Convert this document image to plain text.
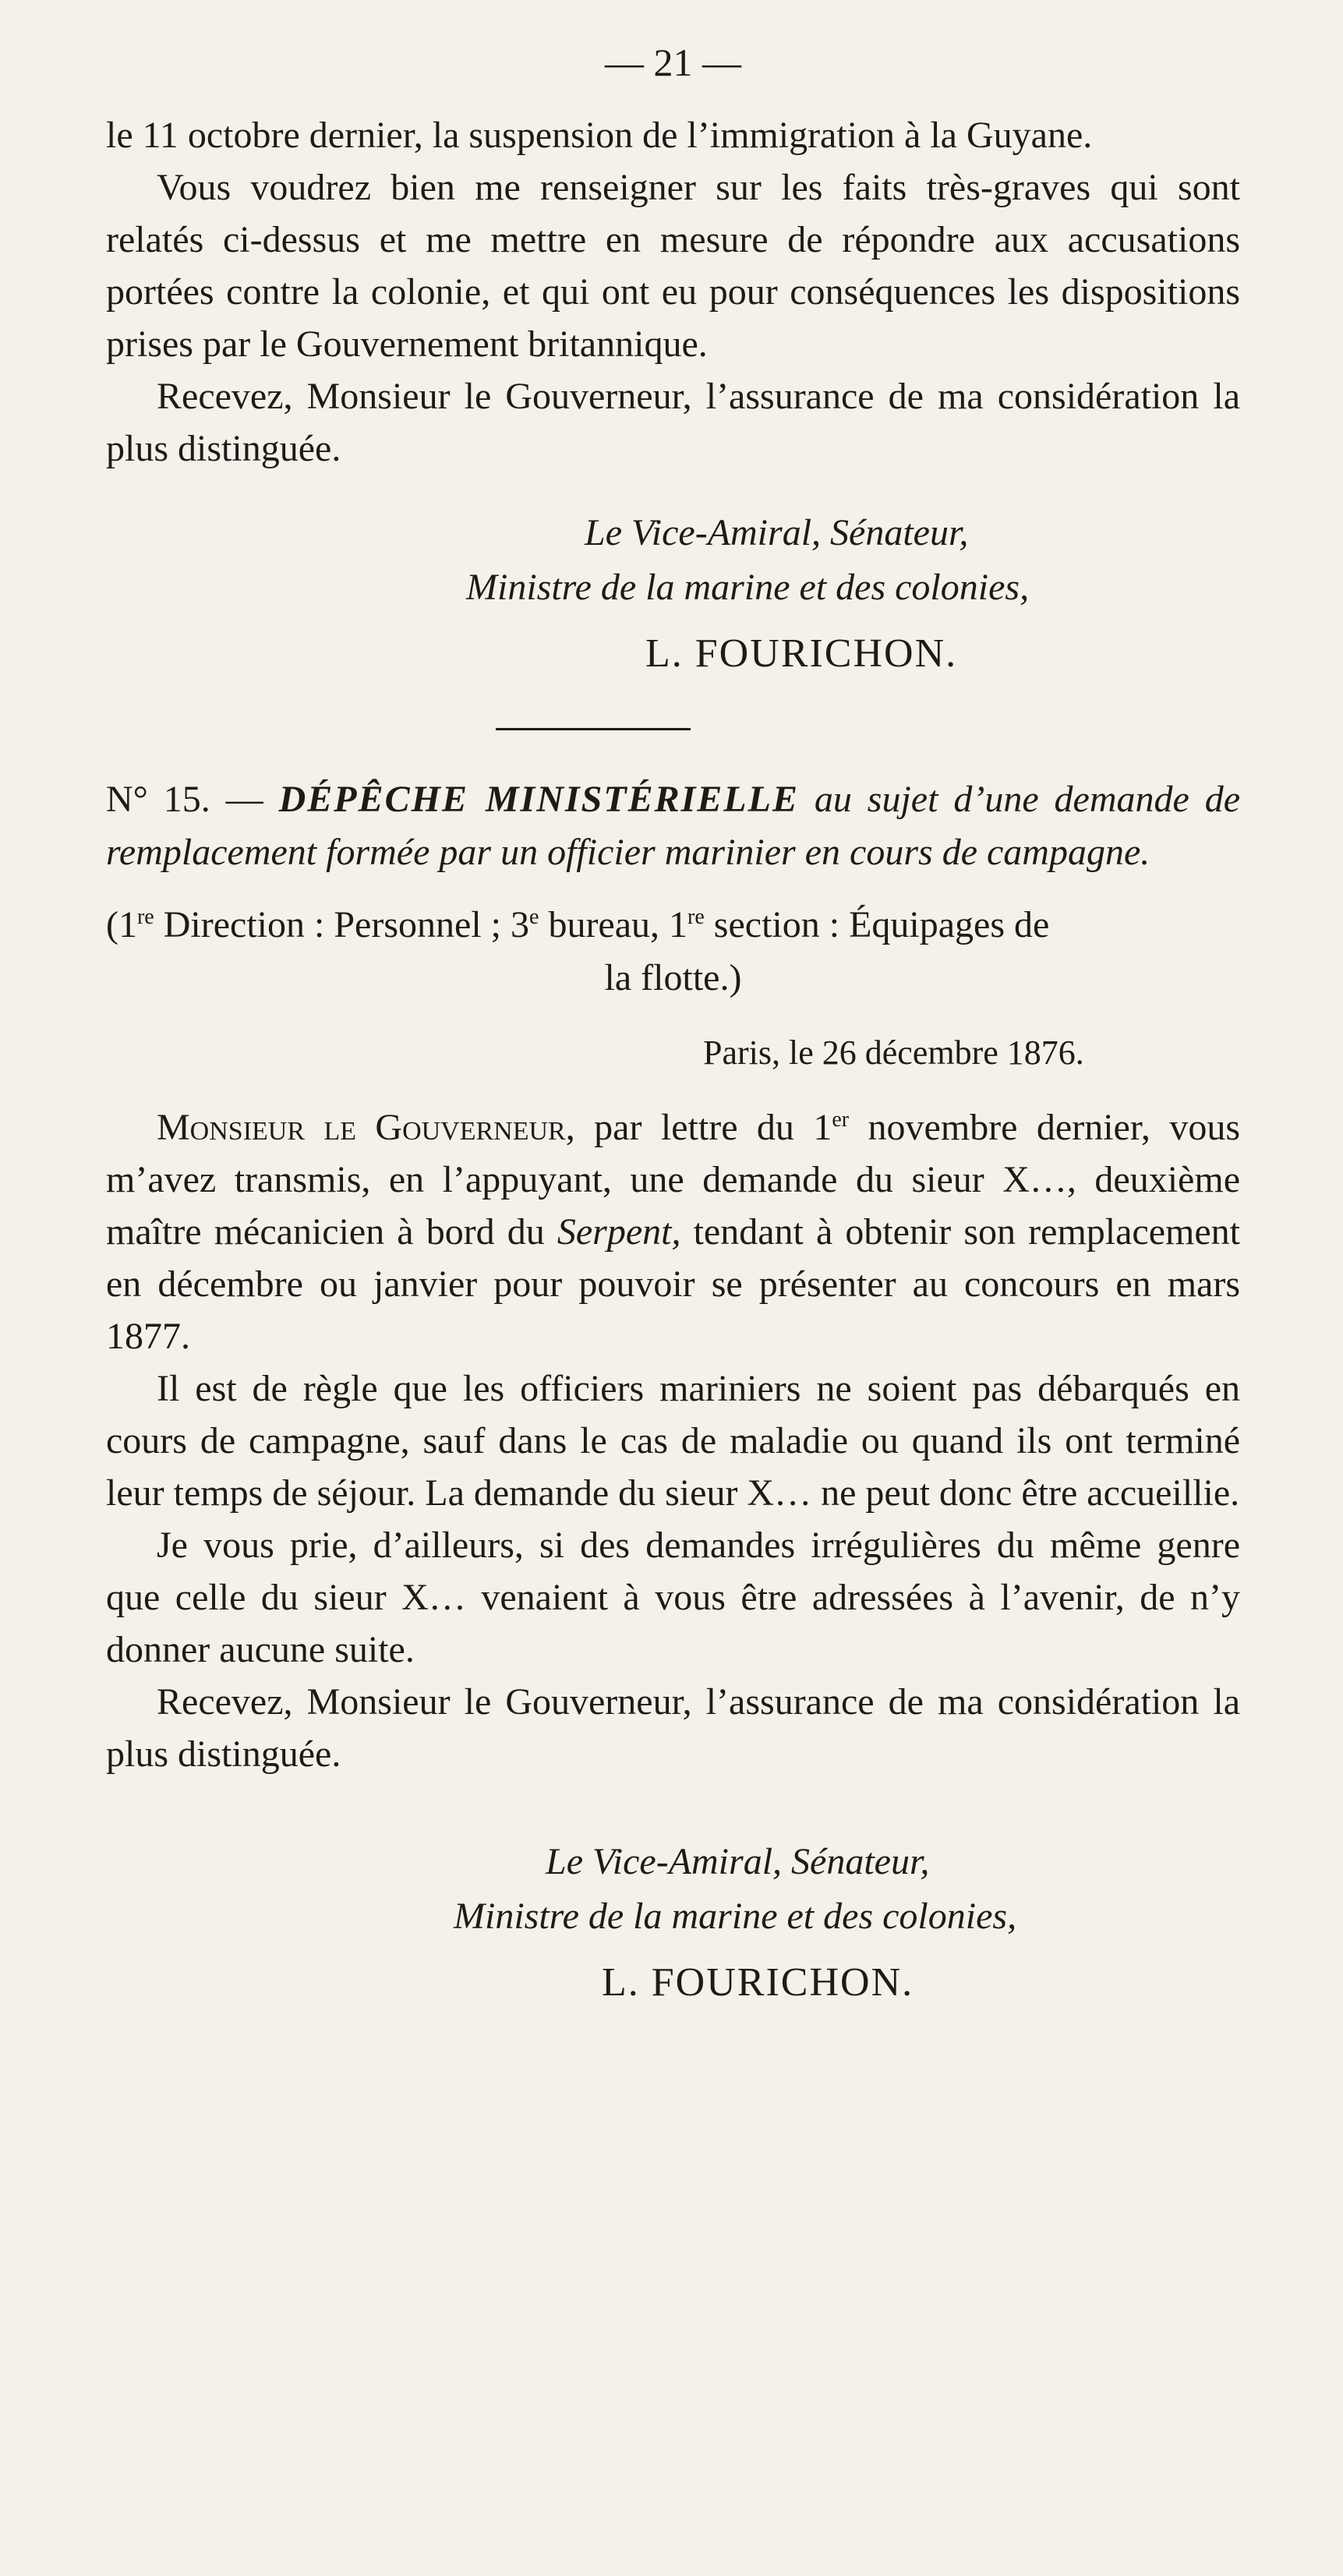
— 21 —

le 11 octobre dernier, la suspension de l’immigration à la Guyane.

Vous voudrez bien me renseigner sur les faits très-graves qui sont relatés ci-dessus et me mettre en mesure de répondre aux accusations portées contre la colonie, et qui ont eu pour conséquences les dispositions prises par le Gouvernement britannique.

Recevez, Monsieur le Gouverneur, l’assurance de ma considération la plus distinguée.

Le Vice-Amiral, Sénateur,
Ministre de la marine et des colonies,
L. FOURICHON.
N° 15. — DÉPÊCHE MINISTÉRIELLE au sujet d’une demande de remplacement formée par un officier marinier en cours de campagne.
(1re Direction : Personnel ; 3e bureau, 1re section : Équipages de
la flotte.)
Paris, le 26 décembre 1876.

Monsieur le Gouverneur, par lettre du 1er novembre dernier, vous m’avez transmis, en l’appuyant, une demande du sieur X…, deuxième maître mécanicien à bord du Serpent, tendant à obtenir son remplacement en décembre ou janvier pour pouvoir se présenter au concours en mars 1877.

Il est de règle que les officiers mariniers ne soient pas débarqués en cours de campagne, sauf dans le cas de maladie ou quand ils ont terminé leur temps de séjour. La demande du sieur X… ne peut donc être accueillie.

Je vous prie, d’ailleurs, si des demandes irrégulières du même genre que celle du sieur X… venaient à vous être adressées à l’avenir, de n’y donner aucune suite.

Recevez, Monsieur le Gouverneur, l’assurance de ma considération la plus distinguée.

Le Vice-Amiral, Sénateur,
Ministre de la marine et des colonies,
L. FOURICHON.
